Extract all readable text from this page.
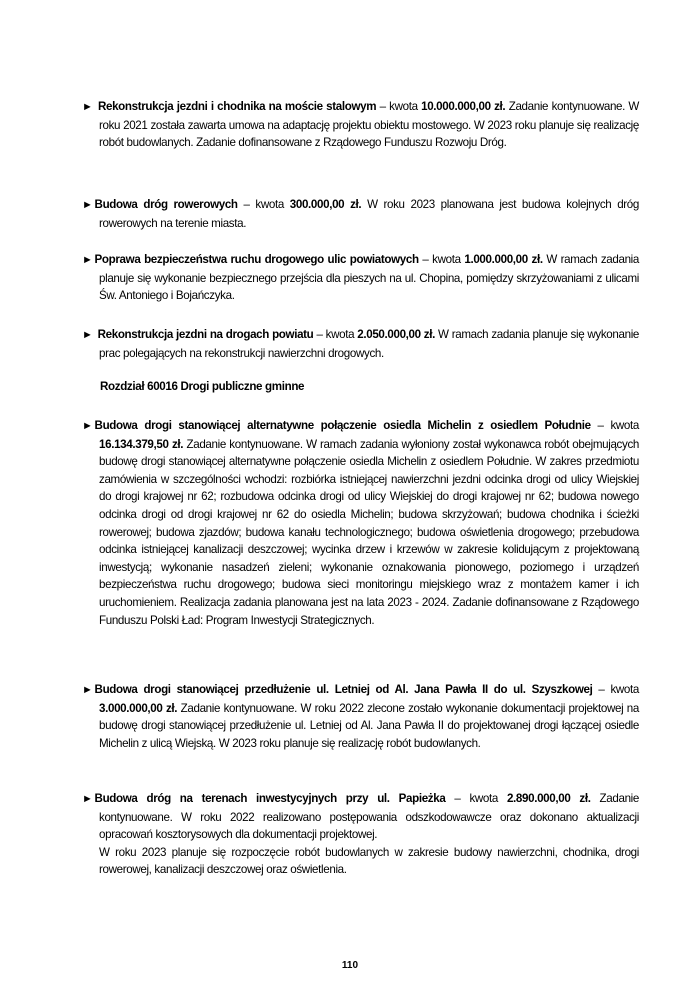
► Rekonstrukcja jezdni i chodnika na moście stalowym – kwota 10.000.000,00 zł. Zadanie kontynuowane. W roku 2021 została zawarta umowa na adaptację projektu obiektu mostowego. W 2023 roku planuje się realizację robót budowlanych. Zadanie dofinansowane z Rządowego Funduszu Rozwoju Dróg.
► Budowa dróg rowerowych – kwota 300.000,00 zł. W roku 2023 planowana jest budowa kolejnych dróg rowerowych na terenie miasta.
► Poprawa bezpieczeństwa ruchu drogowego ulic powiatowych – kwota 1.000.000,00 zł. W ramach zadania planuje się wykonanie bezpiecznego przejścia dla pieszych na ul. Chopina, pomiędzy skrzyżowaniami z ulicami Św. Antoniego i Bojańczyka.
► Rekonstrukcja jezdni na drogach powiatu – kwota 2.050.000,00 zł. W ramach zadania planuje się wykonanie prac polegających na rekonstrukcji nawierzchni drogowych.
Rozdział 60016 Drogi publiczne gminne
► Budowa drogi stanowiącej alternatywne połączenie osiedla Michelin z osiedlem Południe – kwota 16.134.379,50 zł. Zadanie kontynuowane. W ramach zadania wyłoniony został wykonawca robót obejmujących budowę drogi stanowiącej alternatywne połączenie osiedla Michelin z osiedlem Południe. W zakres przedmiotu zamówienia w szczególności wchodzi: rozbiórka istniejącej nawierzchni jezdni odcinka drogi od ulicy Wiejskiej do drogi krajowej nr 62; rozbudowa odcinka drogi od ulicy Wiejskiej do drogi krajowej nr 62; budowa nowego odcinka drogi od drogi krajowej nr 62 do osiedla Michelin; budowa skrzyżowań; budowa chodnika i ścieżki rowerowej; budowa zjazdów; budowa kanału technologicznego; budowa oświetlenia drogowego; przebudowa odcinka istniejącej kanalizacji deszczowej; wycinka drzew i krzewów w zakresie kolidującym z projektowaną inwestycją; wykonanie nasadzeń zieleni; wykonanie oznakowania pionowego, poziomego i urządzeń bezpieczeństwa ruchu drogowego; budowa sieci monitoringu miejskiego wraz z montażem kamer i ich uruchomieniem. Realizacja zadania planowana jest na lata 2023 - 2024. Zadanie dofinansowane z Rządowego Funduszu Polski Ład: Program Inwestycji Strategicznych.
► Budowa drogi stanowiącej przedłużenie ul. Letniej od Al. Jana Pawła II do ul. Szyszkowej – kwota 3.000.000,00 zł. Zadanie kontynuowane. W roku 2022 zlecone zostało wykonanie dokumentacji projektowej na budowę drogi stanowiącej przedłużenie ul. Letniej od Al. Jana Pawła II do projektowanej drogi łączącej osiedle Michelin z ulicą Wiejską. W 2023 roku planuje się realizację robót budowlanych.
► Budowa dróg na terenach inwestycyjnych przy ul. Papieżka – kwota 2.890.000,00 zł. Zadanie kontynuowane. W roku 2022 realizowano postępowania odszkodowawcze oraz dokonano aktualizacji opracowań kosztorysowych dla dokumentacji projektowej.

W roku 2023 planuje się rozpoczęcie robót budowlanych w zakresie budowy nawierzchni, chodnika, drogi rowerowej, kanalizacji deszczowej oraz oświetlenia.

110
